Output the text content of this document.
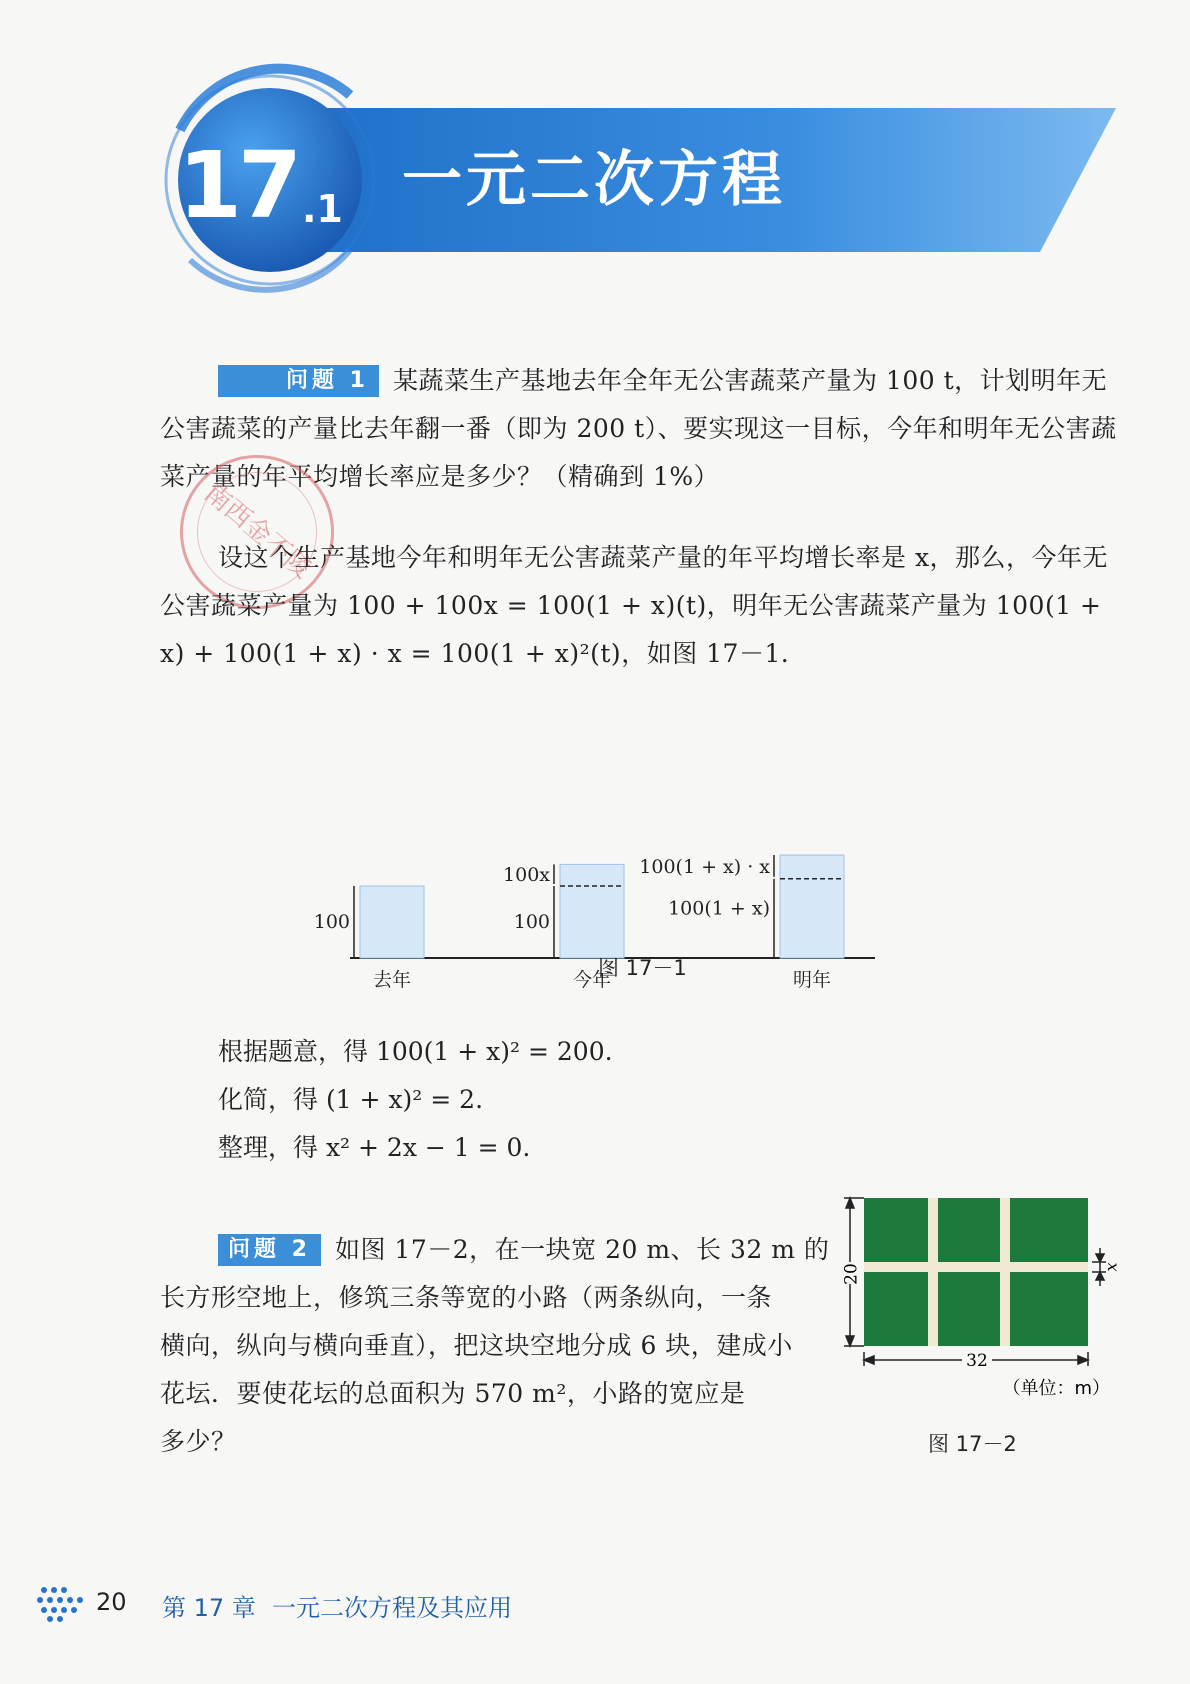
17 .1 一元二次方程
问题 1 某蔬菜生产基地去年全年无公害蔬菜产量为 100 t，计划明年无公害蔬菜的产量比去年翻一番（即为 200 t）、要实现这一目标，今年和明年无公害蔬菜产量的年平均增长率应是多少？（精确到 1%）
南西金不陵
设这个生产基地今年和明年无公害蔬菜产量的年平均增长率是 x，那么，今年无公害蔬菜产量为 100 + 100x = 100(1 + x)(t)，明年无公害蔬菜产量为 100(1 + x) + 100(1 + x) · x = 100(1 + x)²(t)，如图 17－1．
100
去年
100x
100
今年
100(1 + x) · x
100(1 + x)
明年
图 17－1
根据题意，得 100(1 + x)² = 200.
化简，得 (1 + x)² = 2.
整理，得 x² + 2x − 1 = 0.
问题 2 如图 17－2，在一块宽 20 m、长 32 m 的
长方形空地上，修筑三条等宽的小路（两条纵向，一条
横向，纵向与横向垂直），把这块空地分成 6 块，建成小
花坛．要使花坛的总面积为 570 m²，小路的宽应是
多少？
20
32
x
（单位：m）
图 17－2
20 第 17 章 一元二次方程及其应用
